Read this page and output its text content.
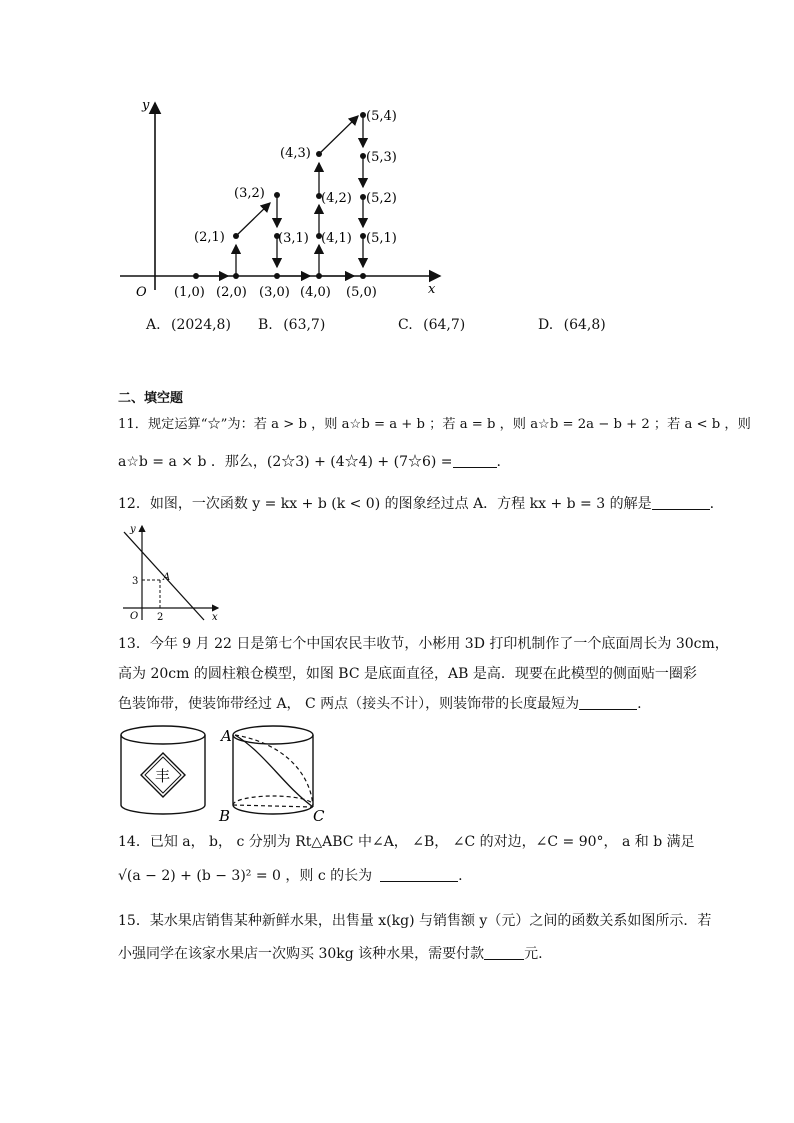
y
x
O (1,0) (2,0) (3,0) (4,0) (5,0)
(2,1)
(3,2)
(3,1)
(4,3)
(4,2)
(4,1)
(5,4)
(5,3)
(5,2)
(5,1)
A. (2024,8) B. (63,7)	C. (64,7)	D. (64,8)
二、填空题
11．规定运算“☆”为：若 a > b ，则 a☆b = a + b ；若 a = b ，则 a☆b = 2a − b + 2 ；若 a < b ，则
a☆b = a × b ．那么，(2☆3) + (4☆4) + (7☆6) =	.
12．如图，一次函数 y = kx + b (k < 0) 的图象经过点 A．方程 kx + b = 3 的解是	.
y
x
O
3
2
A
13．今年 9 月 22 日是第七个中国农民丰收节，小彬用 3D 打印机制作了一个底面周长为 30cm，
高为 20cm 的圆柱粮仓模型，如图 BC 是底面直径，AB 是高．现要在此模型的侧面贴一圈彩
色装饰带，使装饰带经过 A， C 两点（接头不计），则装饰带的长度最短为	.
丰
A
B	C
14．已知 a， b， c 分别为 Rt△ABC 中∠A， ∠B， ∠C 的对边，∠C = 90°， a 和 b 满足
√(a − 2) + (b − 3)² = 0 ，则 c 的长为	.
15．某水果店销售某种新鲜水果，出售量 x(kg) 与销售额 y（元）之间的函数关系如图所示．若
小强同学在该家水果店一次购买 30kg 该种水果，需要付款	元.
